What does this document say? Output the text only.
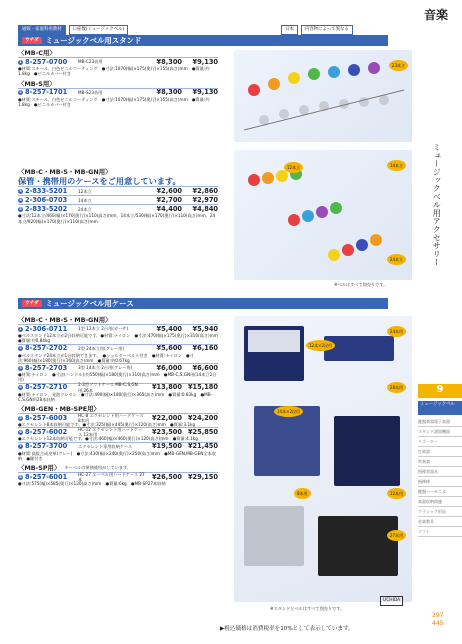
音楽
ミュージックベル用アクセサリー
9
ミュージックベル
鍵盤楽器電子楽器
スタンド譜面機器
リズーター
打楽器
吹奏楽
指揮者器具
指揮棒
鍵盤ハーモニカ
楽器収納関連
クラシック用品
音楽教具
ソフト
397
445
通販・家庭科用教材	口座数(ミュージックベル)	日本	内容物によって異なる
ウチダ ミュージックベル用スタンド
〈MB-C用〉
1 8-257-0700	MB-C23音用	¥8,300	¥9,130
●材質:スチール、白色ビニルコーティング　●寸法:1070(幅)×175(奥行)×155(高さ)mm　●質量:約1.8kg　●ビニルカバー付き
〈MB-S用〉
2 8-257-1701	MB-S23音用	¥8,300	¥9,130
●材質:スチール、白色ビニルコーティング　●寸法:1070(幅)×175(奥行)×155(高さ)mm　●質量:約1.8kg　●ビニルカバー付き
〈MB-C・MB-S・MB-GN用〉
保管・携帯用のケースをご用意しています。
3 2-833-5201	12本立	¥2,600	¥2,860
4 2-306-0703	14本立	¥2,700	¥2,970
5 2-833-5202	24本立	¥4,400	¥4,840
●寸法:12本立/460(幅)×170(奥行)×110(高さ)mm、14本立/530(幅)×170(奥行)×110(高さ)mm、24本立/920(幅)×170(奥行)×110(高さ)mm
23本立
12本立	14本立
24本立
※ベルはすべて別売りです。
ウチダ ミュージックベル用ケース
〈MB-C・MB-S・MB-GN用〉
1 2-306-0711	1型 12本立 2台用(ガーサ)	¥5,400	¥5,940
●ベルスタンド12本立が2台収納可能です。●材質:ナイロン　●寸法:470(幅)×175(奥行)×310(高さ)mm　●質量:約0.84kg
2 8-257-2702	2型 24本立用(グレー用)	¥5,600	¥6,160
●ベルスタンド24本立が1台収納できます。　●ショルダーベルト付き　●材質:ナイロン　●寸法:960(幅)×180(奥行)×160(高さ)mm　●質量:約0.67kg
3 8-257-2703	3型 14本立 2台用(グレー用)	¥6,000	¥6,600
●材質:ナイロン　●寸法(ハンドル):約550(幅)×180(奥行)×310(高さ)mm　●MB-C,S,GN用(14本立2台用)
4 8-257-2710	2-3型ソフトケース MB-C,S,GN用,26本	¥13,800 ¥15,180
●材質:ナイロン、発泡ウレタン　●寸法:490(幅)×180(奥行)×365(高さ)mm　●質量:0.83kg　●MB-C,S,GN用28本収納
〈MB-GEN・MB-SPE用〉
5 8-257-6003	HC-8 エクセレント用ハードケース 8本用	¥22,000 ¥24,200
●エクセレント8本収納可能です。●寸法:325(幅)×445(奥行)×120(高さ)mm　●質量:3.1kg
6 8-257-6002	HC-12 エクセレント用ハードケース 12本用	¥23,500 ¥25,850
●エクセレント12本収納可能です。●寸法:460(幅)×460(奥行)×120(高さ)mm　●質量:4.1kg
7 8-257-3700	エクセレント専用収納ケース	¥19,500 ¥21,450
●材質:高級合成皮革(グレー)　●寸法:430(幅)×240(奥行)×250(高さ)mm　●MB-GEN,MB-GEN全本収納　●鍵付き
〈MB-SP用〉 キーベルの単独使用がしています。
8 8-257-6001	HC-27 エーベル用ハードケース 27本	¥26,500 ¥29,150
●寸法:575(幅)×585(奥行)×120(高さ)mm　●質量:6kg　●MB-SP27本収納
24本用
12本×2段用
14本×2段用
28本用
8本用	12本用
27本用
※スタンドとベルはすべて別売りです。
UCHIDA
▶税込価格は消費税率を10%として表示しています。
